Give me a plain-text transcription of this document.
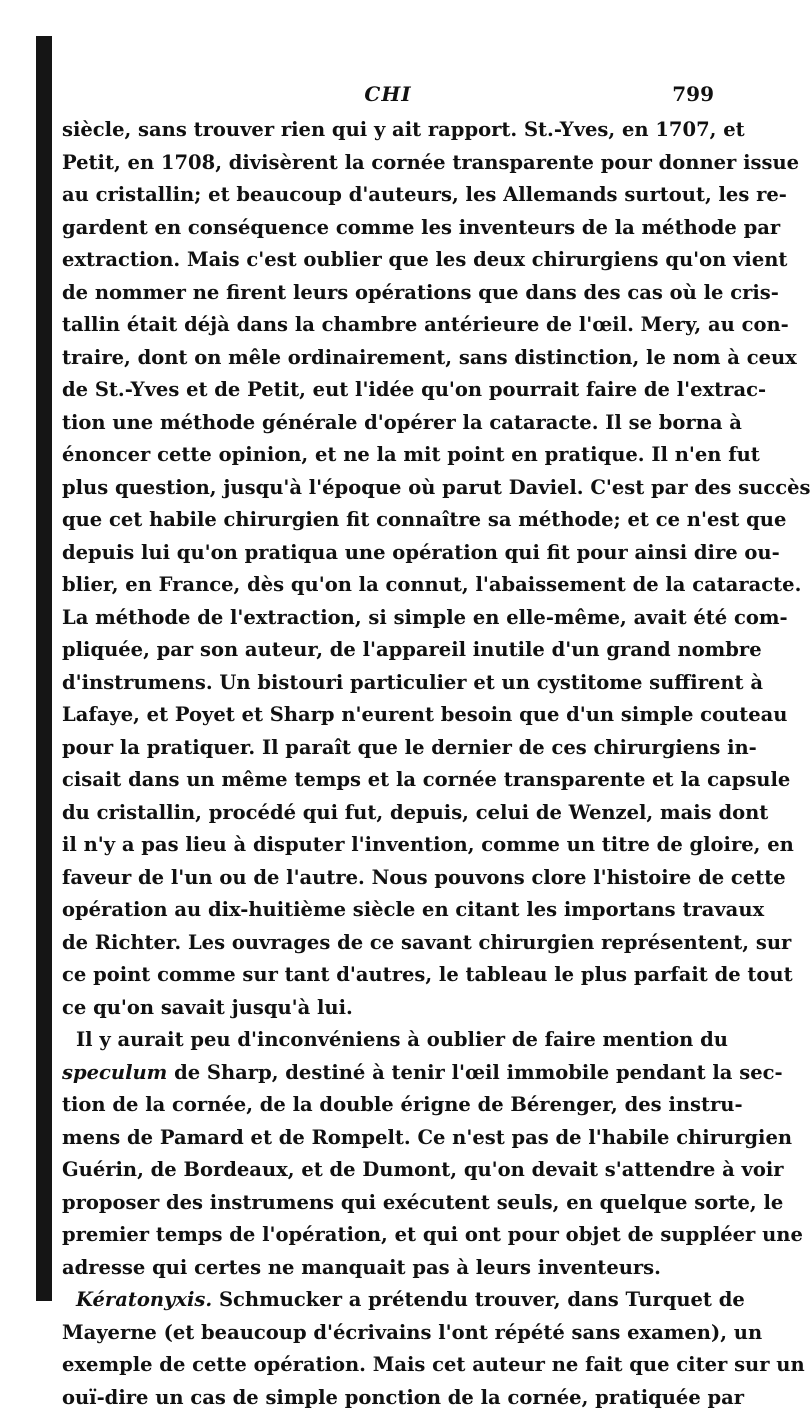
CHI	799
siècle, sans trouver rien qui y ait rapport. St.-Yves, en 1707, et
Petit, en 1708, divisèrent la cornée transparente pour donner issue
au cristallin; et beaucoup d'auteurs, les Allemands surtout, les re-
gardent en conséquence comme les inventeurs de la méthode par
extraction. Mais c'est oublier que les deux chirurgiens qu'on vient
de nommer ne firent leurs opérations que dans des cas où le cris-
tallin était déjà dans la chambre antérieure de l'œil. Mery, au con-
traire, dont on mêle ordinairement, sans distinction, le nom à ceux
de St.-Yves et de Petit, eut l'idée qu'on pourrait faire de l'extrac-
tion une méthode générale d'opérer la cataracte. Il se borna à
énoncer cette opinion, et ne la mit point en pratique. Il n'en fut
plus question, jusqu'à l'époque où parut Daviel. C'est par des succès
que cet habile chirurgien fit connaître sa méthode; et ce n'est que
depuis lui qu'on pratiqua une opération qui fit pour ainsi dire ou-
blier, en France, dès qu'on la connut, l'abaissement de la cataracte.
La méthode de l'extraction, si simple en elle-même, avait été com-
pliquée, par son auteur, de l'appareil inutile d'un grand nombre
d'instrumens. Un bistouri particulier et un cystitome suffirent à
Lafaye, et Poyet et Sharp n'eurent besoin que d'un simple couteau
pour la pratiquer. Il paraît que le dernier de ces chirurgiens in-
cisait dans un même temps et la cornée transparente et la capsule
du cristallin, procédé qui fut, depuis, celui de Wenzel, mais dont
il n'y a pas lieu à disputer l'invention, comme un titre de gloire, en
faveur de l'un ou de l'autre. Nous pouvons clore l'histoire de cette
opération au dix-huitième siècle en citant les importans travaux
de Richter. Les ouvrages de ce savant chirurgien représentent, sur
ce point comme sur tant d'autres, le tableau le plus parfait de tout
ce qu'on savait jusqu'à lui.
Il y aurait peu d'inconvéniens à oublier de faire mention du
speculum de Sharp, destiné à tenir l'œil immobile pendant la sec-
tion de la cornée, de la double érigne de Bérenger, des instru-
mens de Pamard et de Rompelt. Ce n'est pas de l'habile chirurgien
Guérin, de Bordeaux, et de Dumont, qu'on devait s'attendre à voir
proposer des instrumens qui exécutent seuls, en quelque sorte, le
premier temps de l'opération, et qui ont pour objet de suppléer une
adresse qui certes ne manquait pas à leurs inventeurs.
Kératonyxis. Schmucker a prétendu trouver, dans Turquet de
Mayerne (et beaucoup d'écrivains l'ont répété sans examen), un
exemple de cette opération. Mais cet auteur ne fait que citer sur un
ouï-dire un cas de simple ponction de la cornée, pratiquée par
